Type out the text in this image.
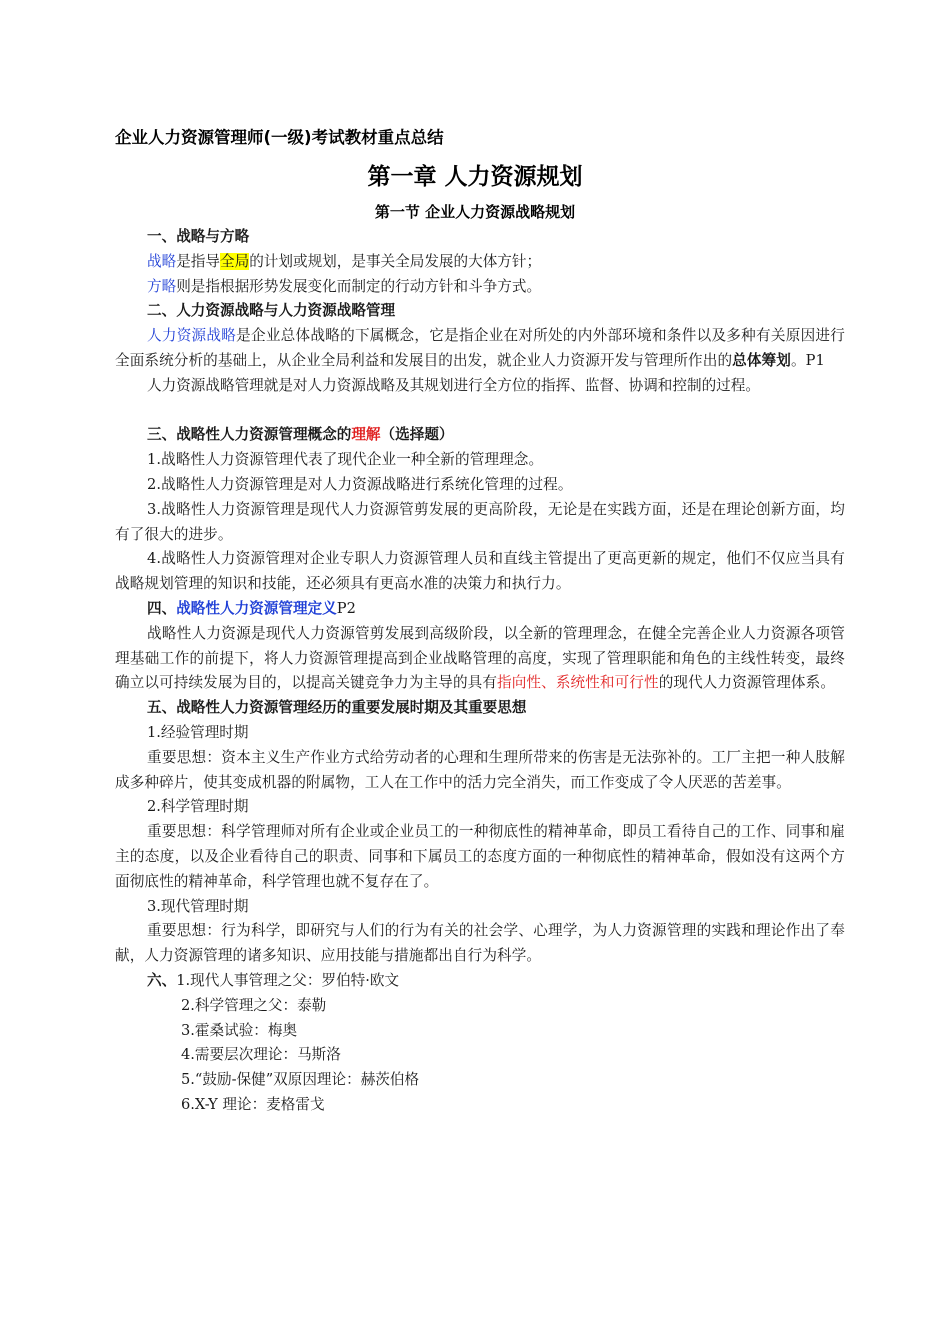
企业人力资源管理师(一级)考试教材重点总结
第一章 人力资源规划
第一节 企业人力资源战略规划

一、战略与方略

战略是指导全局的计划或规划，是事关全局发展的大体方针；

方略则是指根据形势发展变化而制定的行动方针和斗争方式。

二、人力资源战略与人力资源战略管理

人力资源战略是企业总体战略的下属概念，它是指企业在对所处的内外部环境和条件以及多种有关原因进行全面系统分析的基础上，从企业全局利益和发展目的出发，就企业人力资源开发与管理所作出的总体筹划。P1

人力资源战略管理就是对人力资源战略及其规划进行全方位的指挥、监督、协调和控制的过程。

三、战略性人力资源管理概念的理解（选择题）

1.战略性人力资源管理代表了现代企业一种全新的管理理念。

2.战略性人力资源管理是对人力资源战略进行系统化管理的过程。

3.战略性人力资源管理是现代人力资源管剪发展的更高阶段，无论是在实践方面，还是在理论创新方面，均有了很大的进步。

4.战略性人力资源管理对企业专职人力资源管理人员和直线主管提出了更高更新的规定，他们不仅应当具有战略规划管理的知识和技能，还必须具有更高水准的决策力和执行力。

四、战略性人力资源管理定义P2

战略性人力资源是现代人力资源管剪发展到高级阶段，以全新的管理理念，在健全完善企业人力资源各项管理基础工作的前提下，将人力资源管理提高到企业战略管理的高度，实现了管理职能和角色的主线性转变，最终确立以可持续发展为目的，以提高关键竞争力为主导的具有指向性、系统性和可行性的现代人力资源管理体系。

五、战略性人力资源管理经历的重要发展时期及其重要思想

1.经验管理时期

重要思想：资本主义生产作业方式给劳动者的心理和生理所带来的伤害是无法弥补的。工厂主把一种人肢解成多种碎片，使其变成机器的附属物，工人在工作中的活力完全消失，而工作变成了令人厌恶的苦差事。

2.科学管理时期

重要思想：科学管理师对所有企业或企业员工的一种彻底性的精神革命，即员工看待自己的工作、同事和雇主的态度，以及企业看待自己的职责、同事和下属员工的态度方面的一种彻底性的精神革命，假如没有这两个方面彻底性的精神革命，科学管理也就不复存在了。

3.现代管理时期

重要思想：行为科学，即研究与人们的行为有关的社会学、心理学，为人力资源管理的实践和理论作出了奉献，人力资源管理的诸多知识、应用技能与措施都出自行为科学。

六、1.现代人事管理之父：罗伯特·欧文

2.科学管理之父：泰勒

3.霍桑试验：梅奥

4.需要层次理论：马斯洛

5.“鼓励-保健”双原因理论：赫茨伯格

6.X-Y 理论：麦格雷戈
